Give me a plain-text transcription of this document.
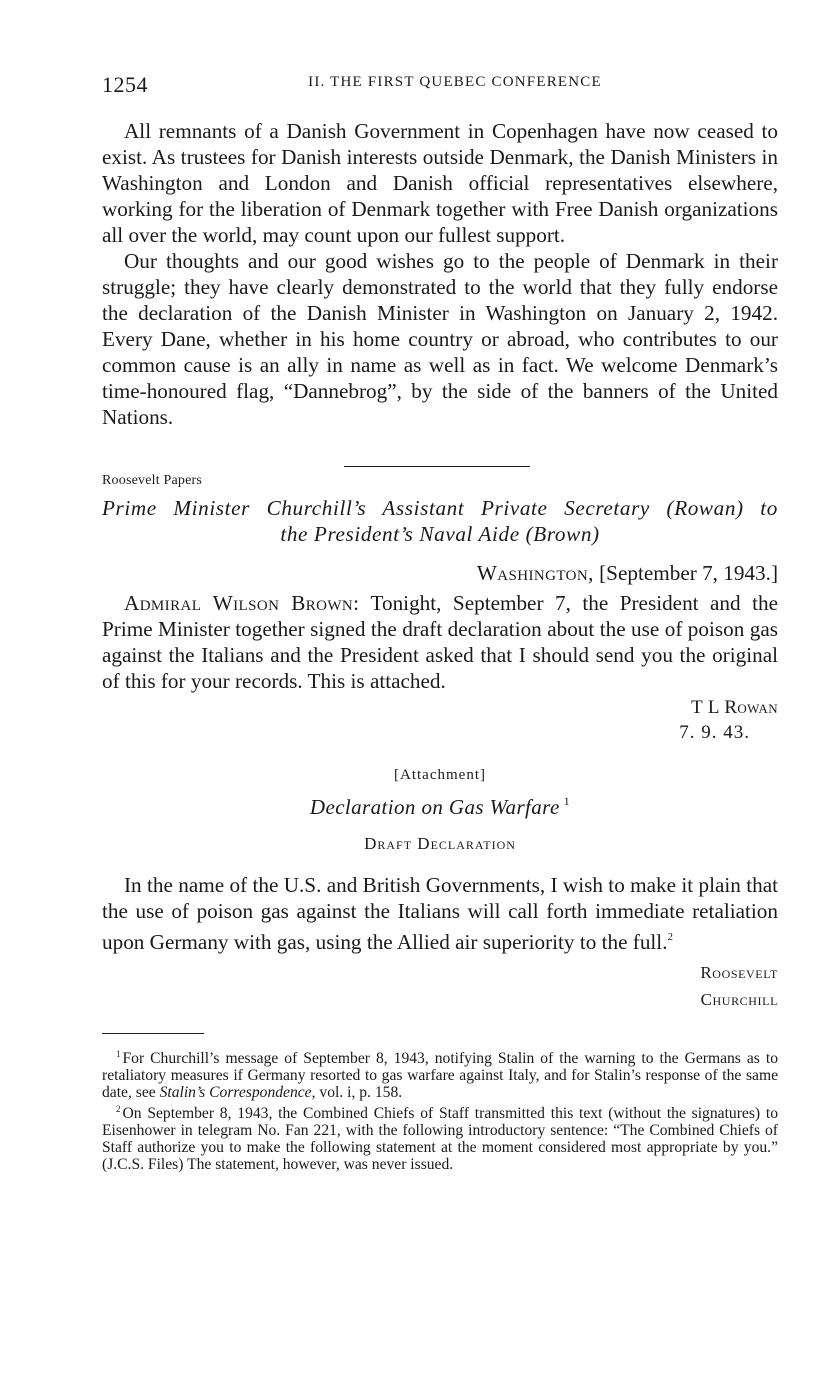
1254	II. THE FIRST QUEBEC CONFERENCE

All remnants of a Danish Government in Copenhagen have now ceased to exist. As trustees for Danish interests outside Denmark, the Danish Ministers in Washington and London and Danish official representatives elsewhere, working for the liberation of Denmark together with Free Danish organizations all over the world, may count upon our fullest support.

Our thoughts and our good wishes go to the people of Denmark in their struggle; they have clearly demonstrated to the world that they fully endorse the declaration of the Danish Minister in Washington on January 2, 1942. Every Dane, whether in his home country or abroad, who contributes to our common cause is an ally in name as well as in fact. We welcome Denmark’s time-honoured flag, “Dannebrog”, by the side of the banners of the United Nations.

Roosevelt Papers
Prime Minister Churchill’s Assistant Private Secretary (Rowan) to
the President’s Naval Aide (Brown)
Washington, [September 7, 1943.]

Admiral Wilson Brown: Tonight, September 7, the President and the Prime Minister together signed the draft declaration about the use of poison gas against the Italians and the President asked that I should send you the original of this for your records. This is attached.

T L Rowan
7. 9. 43.
[Attachment]
Declaration on Gas Warfare $^1$
Draft Declaration

In the name of the U.S. and British Governments, I wish to make it plain that the use of poison gas against the Italians will call forth immediate retaliation upon Germany with gas, using the Allied air superiority to the full.$^2$

Roosevelt
Churchill

$^1$ For Churchill’s message of September 8, 1943, notifying Stalin of the warning to the Germans as to retaliatory measures if Germany resorted to gas warfare against Italy, and for Stalin’s response of the same date, see Stalin’s Correspondence, vol. i, p. 158.

$^2$ On September 8, 1943, the Combined Chiefs of Staff transmitted this text (without the signatures) to Eisenhower in telegram No. Fan 221, with the following introductory sentence: “The Combined Chiefs of Staff authorize you to make the following statement at the moment considered most appropriate by you.” (J.C.S. Files) The statement, however, was never issued.
